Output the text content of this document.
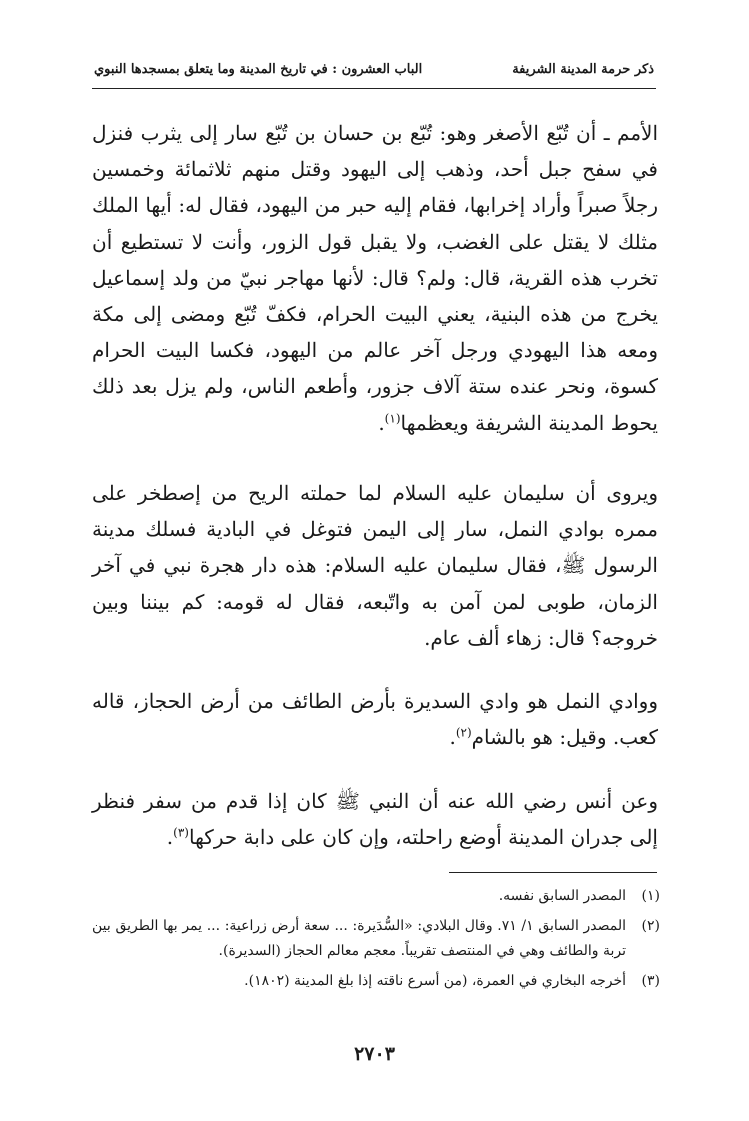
ذكر حرمة المدينة الشريفة
الباب العشرون : في تاريخ المدينة وما يتعلق بمسجدها النبوي

الأمم ـ أن تُبّع الأصغر وهو: تُبّع بن حسان بن تُبّع سار إلى يثرب فنزل في سفح جبل أحد، وذهب إلى اليهود وقتل منهم ثلاثمائة وخمسين رجلاً صبراً وأراد إخرابها، فقام إليه حبر من اليهود، فقال له: أيها الملك مثلك لا يقتل على الغضب، ولا يقبل قول الزور، وأنت لا تستطيع أن تخرب هذه القرية، قال: ولم؟ قال: لأنها مهاجر نبيّ من ولد إسماعيل يخرج من هذه البنية، يعني البيت الحرام، فكفّ تُبّع ومضى إلى مكة ومعه هذا اليهودي ورجل آخر عالم من اليهود، فكسا البيت الحرام كسوة، ونحر عنده ستة آلاف جزور، وأطعم الناس، ولم يزل بعد ذلك يحوط المدينة الشريفة ويعظمها$^{(١)}$.

ويروى أن سليمان عليه السلام لما حملته الريح من إصطخر على ممره بوادي النمل، سار إلى اليمن فتوغل في البادية فسلك مدينة الرسول ﷺ، فقال سليمان عليه السلام: هذه دار هجرة نبي في آخر الزمان، طوبى لمن آمن به واتّبعه، فقال له قومه: كم بيننا وبين خروجه؟ قال: زهاء ألف عام.

ووادي النمل هو وادي السديرة بأرض الطائف من أرض الحجاز، قاله كعب. وقيل: هو بالشام$^{(٢)}$.

وعن أنس رضي الله عنه أن النبي ﷺ كان إذا قدم من سفر فنظر إلى جدران المدينة أوضع راحلته، وإن كان على دابة حركها$^{(٣)}$.

(١)
المصدر السابق نفسه.
(٢)
المصدر السابق ١/ ٧١. وقال البلادي: «السُّدَيرة: ... سعة أرض زراعية: ... يمر بها الطريق بين تربة والطائف وهي في المنتصف تقريباً. معجم معالم الحجاز (السديرة).
(٣)
أخرجه البخاري في العمرة، (من أسرع ناقته إذا بلغ المدينة (١٨٠٢).
٢٧٠٣
